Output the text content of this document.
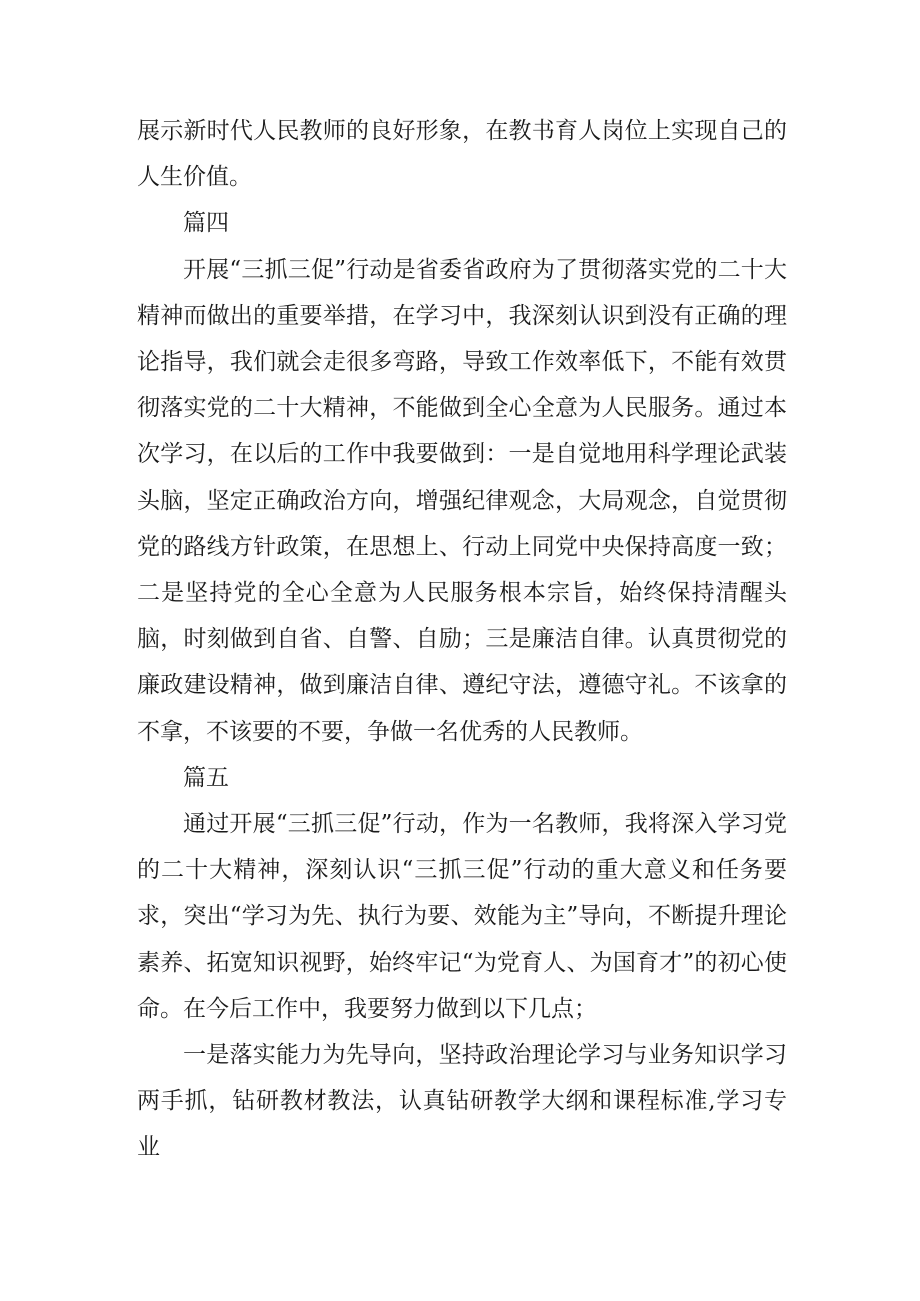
展示新时代人民教师的良好形象，在教书育人岗位上实现自己的人生价值。

篇四

开展“三抓三促”行动是省委省政府为了贯彻落实党的二十大精神而做出的重要举措，在学习中，我深刻认识到没有正确的理论指导，我们就会走很多弯路，导致工作效率低下，不能有效贯彻落实党的二十大精神，不能做到全心全意为人民服务。通过本次学习，在以后的工作中我要做到：一是自觉地用科学理论武装头脑，坚定正确政治方向，增强纪律观念，大局观念，自觉贯彻党的路线方针政策，在思想上、行动上同党中央保持高度一致；二是坚持党的全心全意为人民服务根本宗旨，始终保持清醒头脑，时刻做到自省、自警、自励；三是廉洁自律。认真贯彻党的廉政建设精神，做到廉洁自律、遵纪守法，遵德守礼。不该拿的不拿，不该要的不要，争做一名优秀的人民教师。

篇五

通过开展“三抓三促”行动，作为一名教师，我将深入学习党的二十大精神，深刻认识“三抓三促”行动的重大意义和任务要求，突出“学习为先、执行为要、效能为主”导向，不断提升理论素养、拓宽知识视野，始终牢记“为党育人、为国育才”的初心使命。在今后工作中，我要努力做到以下几点；

一是落实能力为先导向，坚持政治理论学习与业务知识学习两手抓，钻研教材教法，认真钻研教学大纲和课程标准,学习专业
